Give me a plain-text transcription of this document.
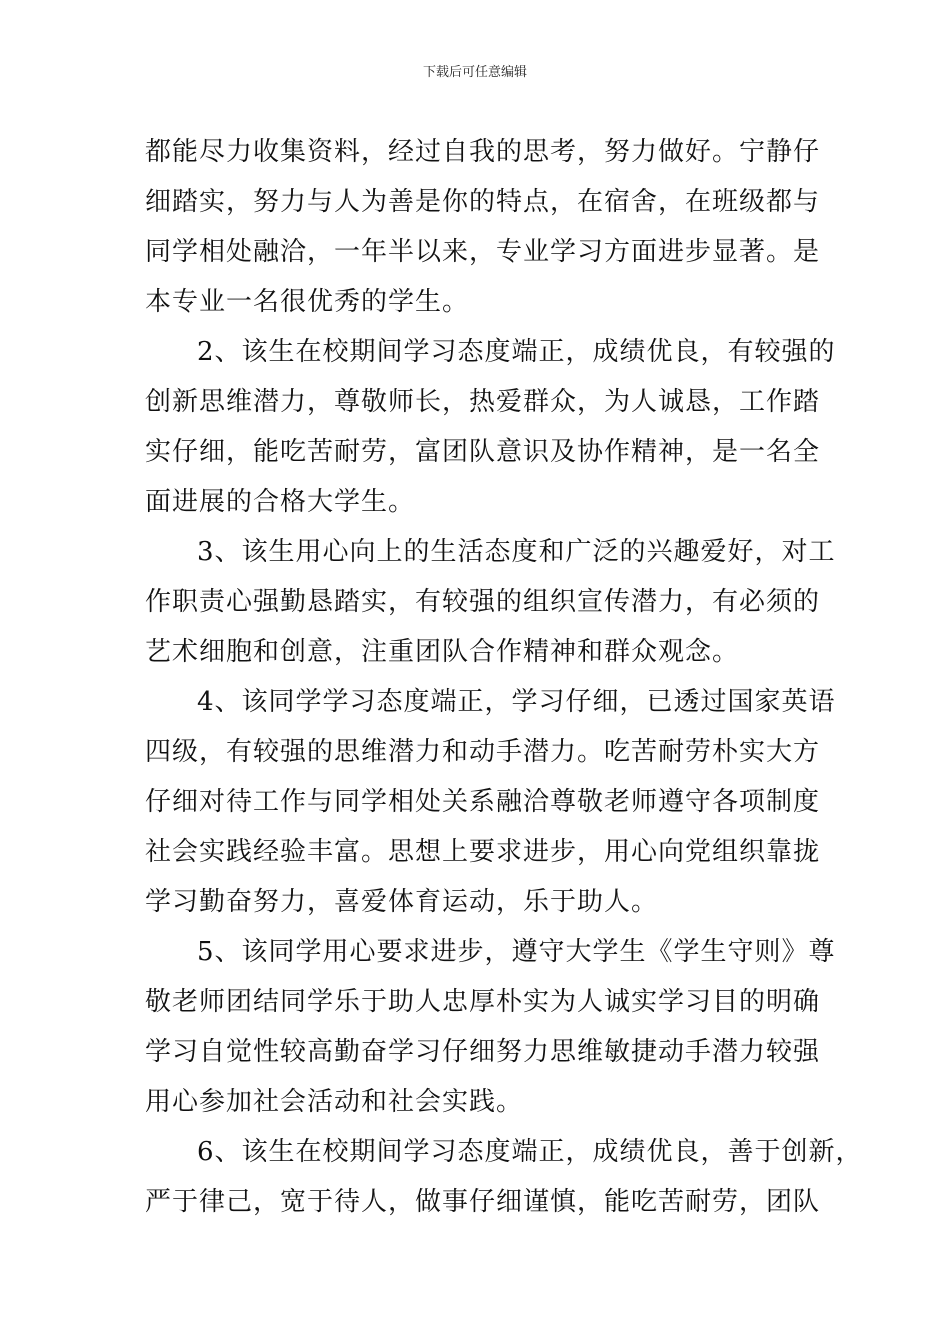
下载后可任意编辑
都能尽力收集资料，经过自我的思考，努力做好。宁静仔
细踏实，努力与人为善是你的特点，在宿舍，在班级都与
同学相处融洽，一年半以来，专业学习方面进步显著。是
本专业一名很优秀的学生。
2、该生在校期间学习态度端正，成绩优良，有较强的
创新思维潜力，尊敬师长，热爱群众，为人诚恳，工作踏
实仔细，能吃苦耐劳，富团队意识及协作精神，是一名全
面进展的合格大学生。
3、该生用心向上的生活态度和广泛的兴趣爱好，对工
作职责心强勤恳踏实，有较强的组织宣传潜力，有必须的
艺术细胞和创意，注重团队合作精神和群众观念。
4、该同学学习态度端正，学习仔细，已透过国家英语
四级，有较强的思维潜力和动手潜力。吃苦耐劳朴实大方
仔细对待工作与同学相处关系融洽尊敬老师遵守各项制度
社会实践经验丰富。思想上要求进步，用心向党组织靠拢
学习勤奋努力，喜爱体育运动，乐于助人。
5、该同学用心要求进步，遵守大学生《学生守则》尊
敬老师团结同学乐于助人忠厚朴实为人诚实学习目的明确
学习自觉性较高勤奋学习仔细努力思维敏捷动手潜力较强
用心参加社会活动和社会实践。
6、该生在校期间学习态度端正，成绩优良，善于创新，
严于律己，宽于待人，做事仔细谨慎，能吃苦耐劳，团队
